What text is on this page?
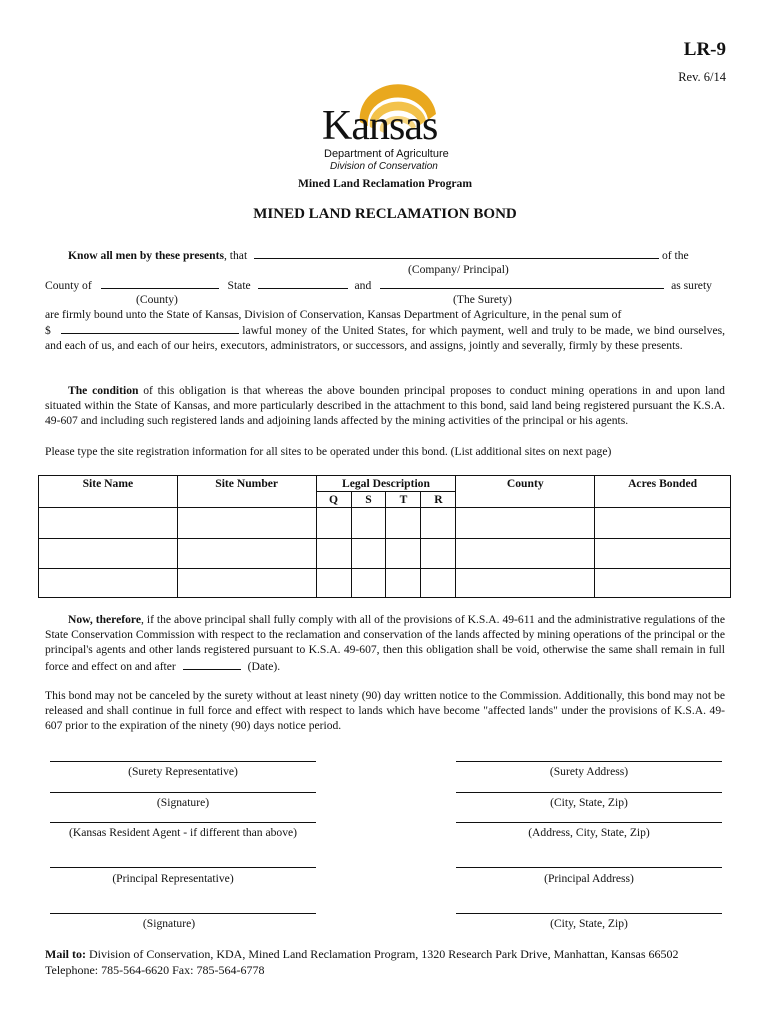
LR-9
Rev. 6/14
Kansas
Department of Agriculture
Division of Conservation
Mined Land Reclamation Program
MINED LAND RECLAMATION BOND
Know all men by these presents, that	of the
(Company/ Principal)
County of	State	and	as surety
(County)	(The Surety)
are firmly bound unto the State of Kansas, Division of Conservation, Kansas Department of Agriculture, in the penal sum of
$	lawful money of the United States, for which payment, well and truly to be made, we bind ourselves, and each of us, and each of our heirs, executors, administrators, or successors, and assigns, jointly and severally, firmly by these presents.
The condition of this obligation is that whereas the above bounden principal proposes to conduct mining operations in and upon land situated within the State of Kansas, and more particularly described in the attachment to this bond, said land being registered pursuant the K.S.A. 49-607 and including such registered lands and adjoining lands affected by the mining activities of the principal or his agents.
Please type the site registration information for all sites to be operated under this bond. (List additional sites on next page)
Site Name	Site Number	Legal Description				County	Acres Bonded
		Q	S	T	R		

Now, therefore, if the above principal shall fully comply with all of the provisions of K.S.A. 49-611 and the administrative regulations of the State Conservation Commission with respect to the reclamation and conservation of the lands affected by mining operations of the principal or the principal's agents and other lands registered pursuant to K.S.A. 49-607, then this obligation shall be void, otherwise the same shall remain in full force and effect on and after	(Date).
This bond may not be canceled by the surety without at least ninety (90) day written notice to the Commission. Additionally, this bond may not be released and shall continue in full force and effect with respect to lands which have become "affected lands" under the provisions of K.S.A. 49-607 prior to the expiration of the ninety (90) days notice period.
(Surety Representative)	(Surety Address)
(Signature)	(City, State, Zip)
(Kansas Resident Agent - if different than above)	(Address, City, State, Zip)
(Principal Representative)	(Principal Address)
(Signature)	(City, State, Zip)
Mail to: Division of Conservation, KDA, Mined Land Reclamation Program, 1320 Research Park Drive, Manhattan, Kansas 66502
Telephone: 785-564-6620 Fax: 785-564-6778
